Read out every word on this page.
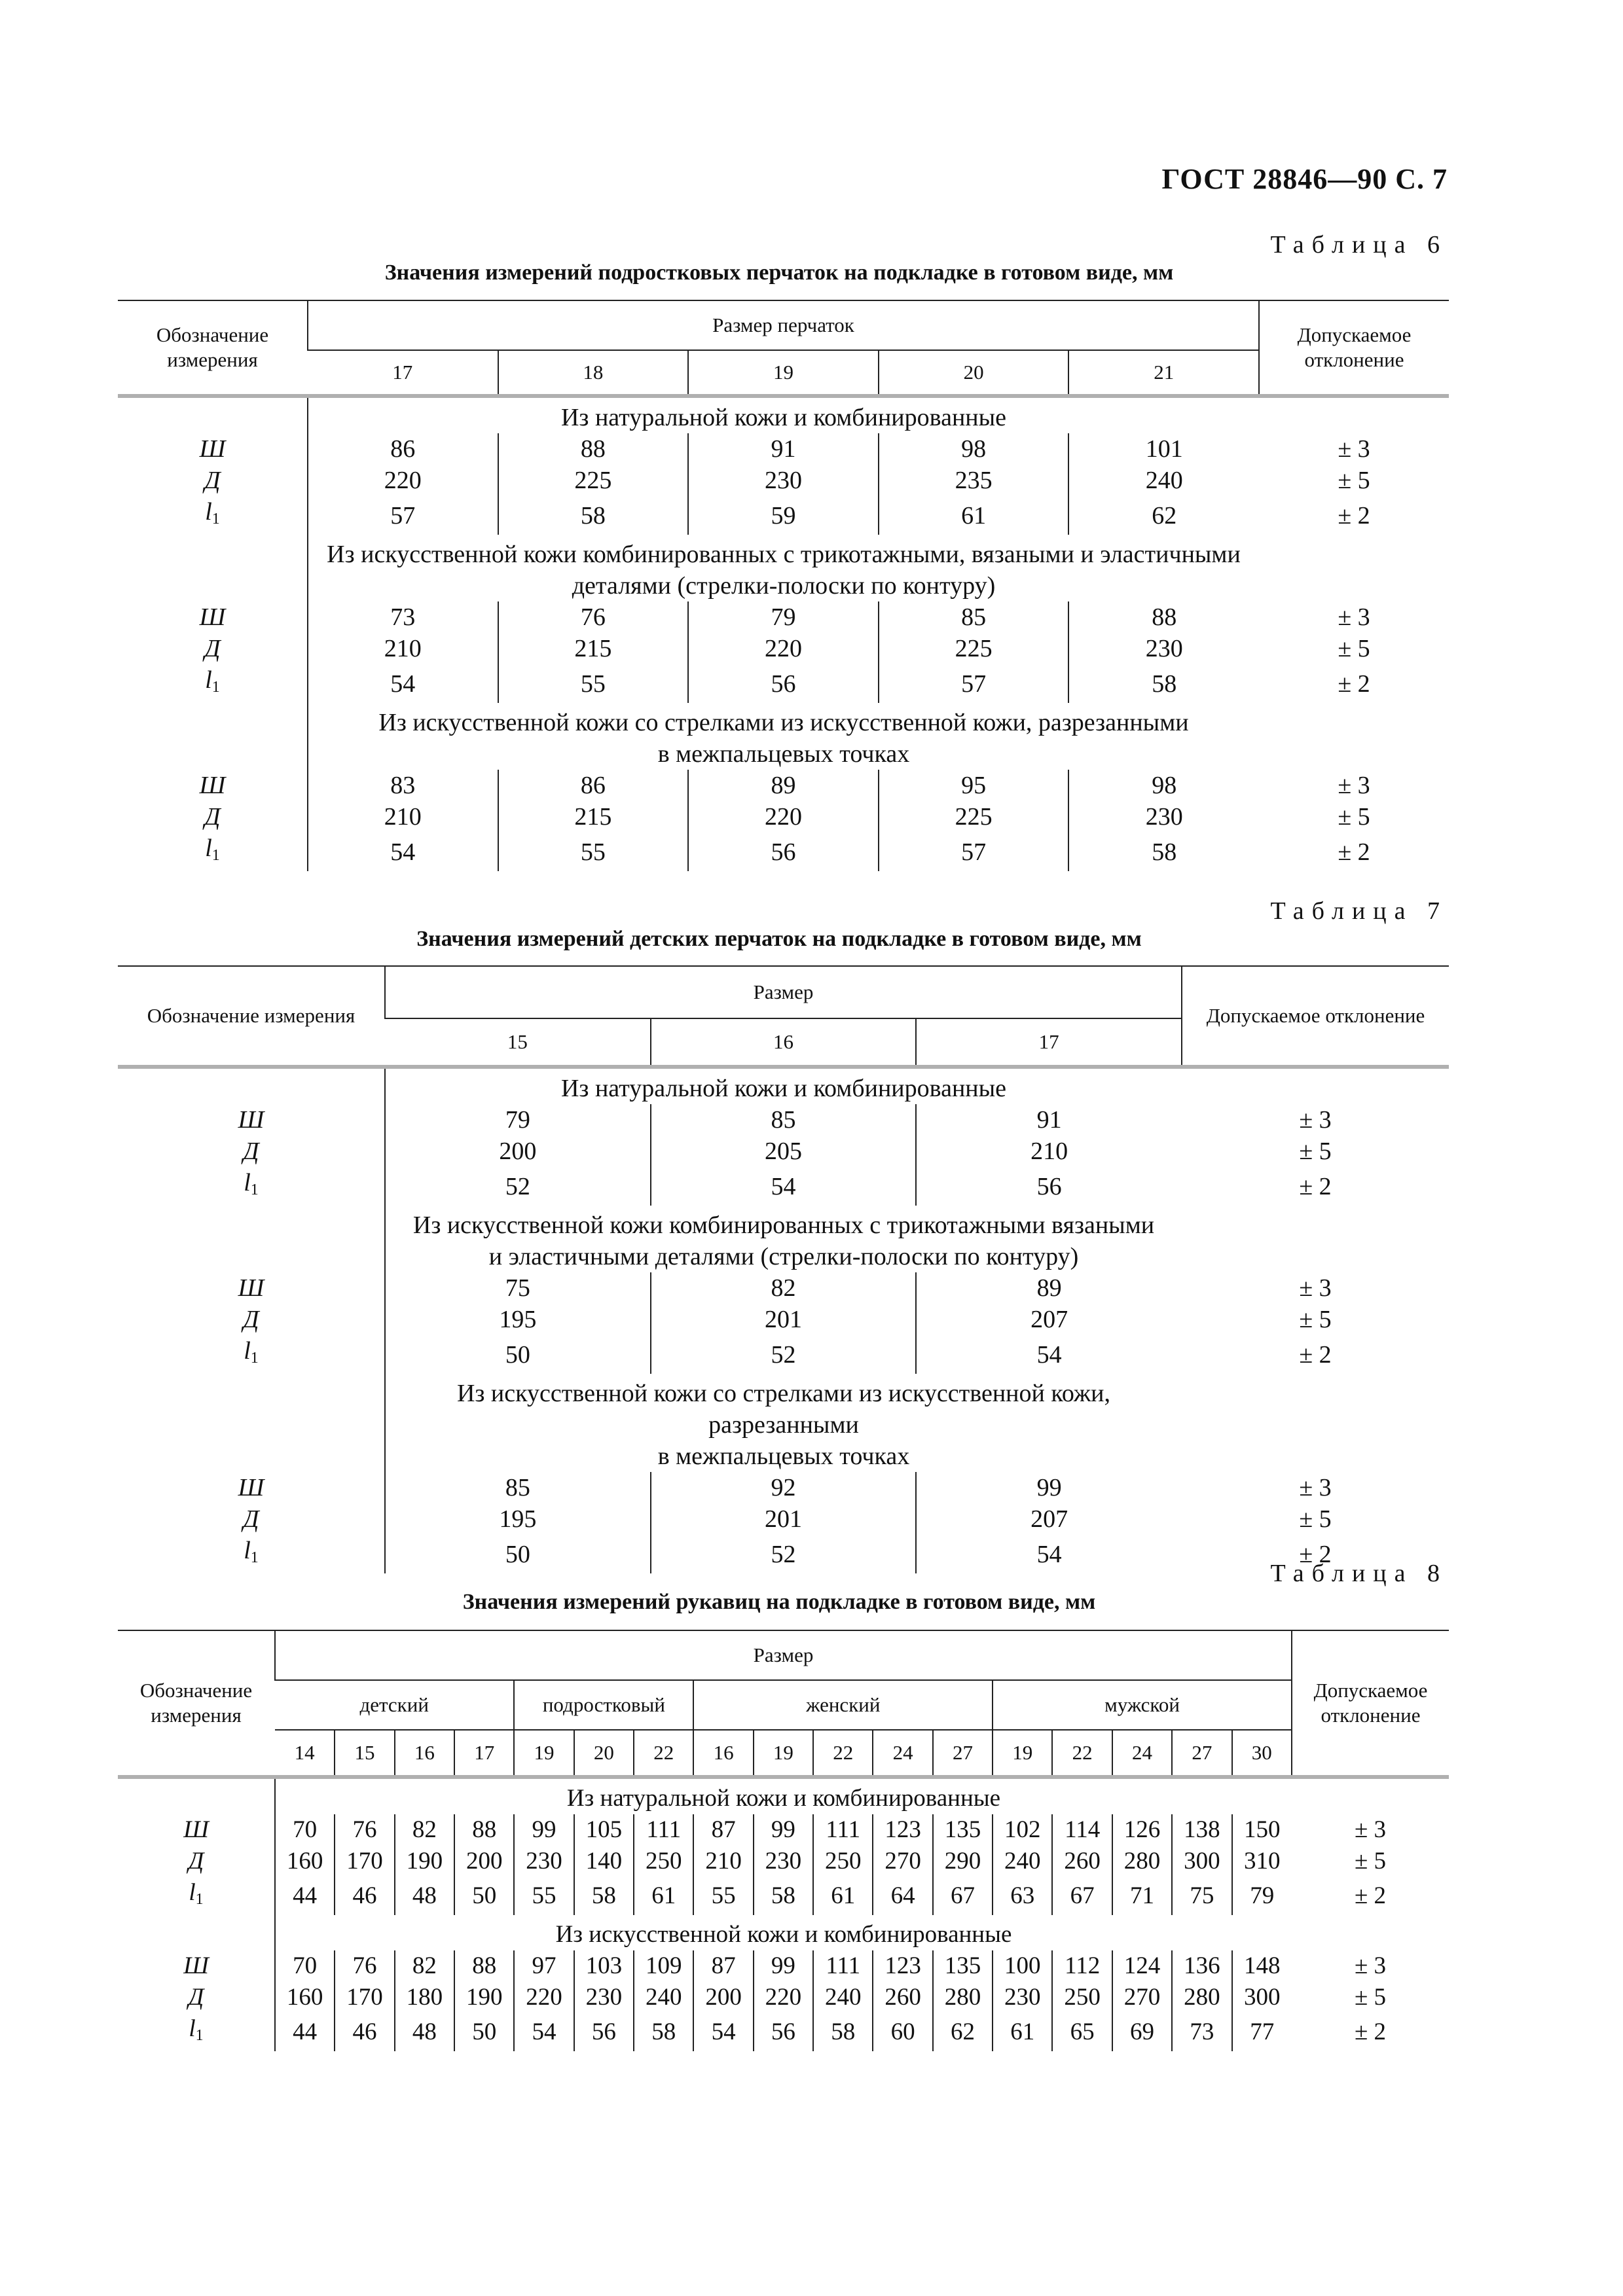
ГОСТ 28846—90 С. 7
Таблица 6
Значения измерений подростковых перчаток на подкладке в готовом виде, мм
Обозначение измерения	Размер перчаток					Допускаемое отклонение
	17	18	19	20	21	

	Из натуральной кожи и комбинированные					

Ш	86	88	91	98	101	± 3
Д	220	225	230	235	240	± 5
$l_1$	57	58	59	61	62	± 2

	Из искусственной кожи комбинированных с трикотажными, вязаными и эластичными
деталями (стрелки-полоски по контуру)					

Ш	73	76	79	85	88	± 3
Д	210	215	220	225	230	± 5
$l_1$	54	55	56	57	58	± 2

	Из искусственной кожи со стрелками из искусственной кожи, разрезанными
в межпальцевых точках					

Ш	83	86	89	95	98	± 3
Д	210	215	220	225	230	± 5
$l_1$	54	55	56	57	58	± 2
Таблица 7
Значения измерений детских перчаток на подкладке в готовом виде, мм
Обозначение измерения	Размер			Допускаемое отклонение
	15	16	17	

	Из натуральной кожи и комбинированные			

Ш	79	85	91	± 3
Д	200	205	210	± 5
$l_1$	52	54	56	± 2

	Из искусственной кожи комбинированных с трикотажными вязаными
и эластичными деталями (стрелки-полоски по контуру)			

Ш	75	82	89	± 3
Д	195	201	207	± 5
$l_1$	50	52	54	± 2

	Из искусственной кожи со стрелками из искусственной кожи, разрезанными
в межпальцевых точках			

Ш	85	92	99	± 3
Д	195	201	207	± 5
$l_1$	50	52	54	± 2
Таблица 8
Значения измерений рукавиц на подкладке в готовом виде, мм
Обозначение измерения	Размер																	Допускаемое отклонение
	детский				подростковый			женский					мужской					
	14	15	16	17	19	20	22	16	19	22	24	27	19	22	24	27	30	

	Из натуральной кожи и комбинированные																	

Ш	70	76	82	88	99	105	111	87	99	111	123	135	102	114	126	138	150	± 3
Д	160	170	190	200	230	140	250	210	230	250	270	290	240	260	280	300	310	± 5
$l_1$	44	46	48	50	55	58	61	55	58	61	64	67	63	67	71	75	79	± 2

	Из искусственной кожи и комбинированные																	

Ш	70	76	82	88	97	103	109	87	99	111	123	135	100	112	124	136	148	± 3
Д	160	170	180	190	220	230	240	200	220	240	260	280	230	250	270	280	300	± 5
$l_1$	44	46	48	50	54	56	58	54	56	58	60	62	61	65	69	73	77	± 2
